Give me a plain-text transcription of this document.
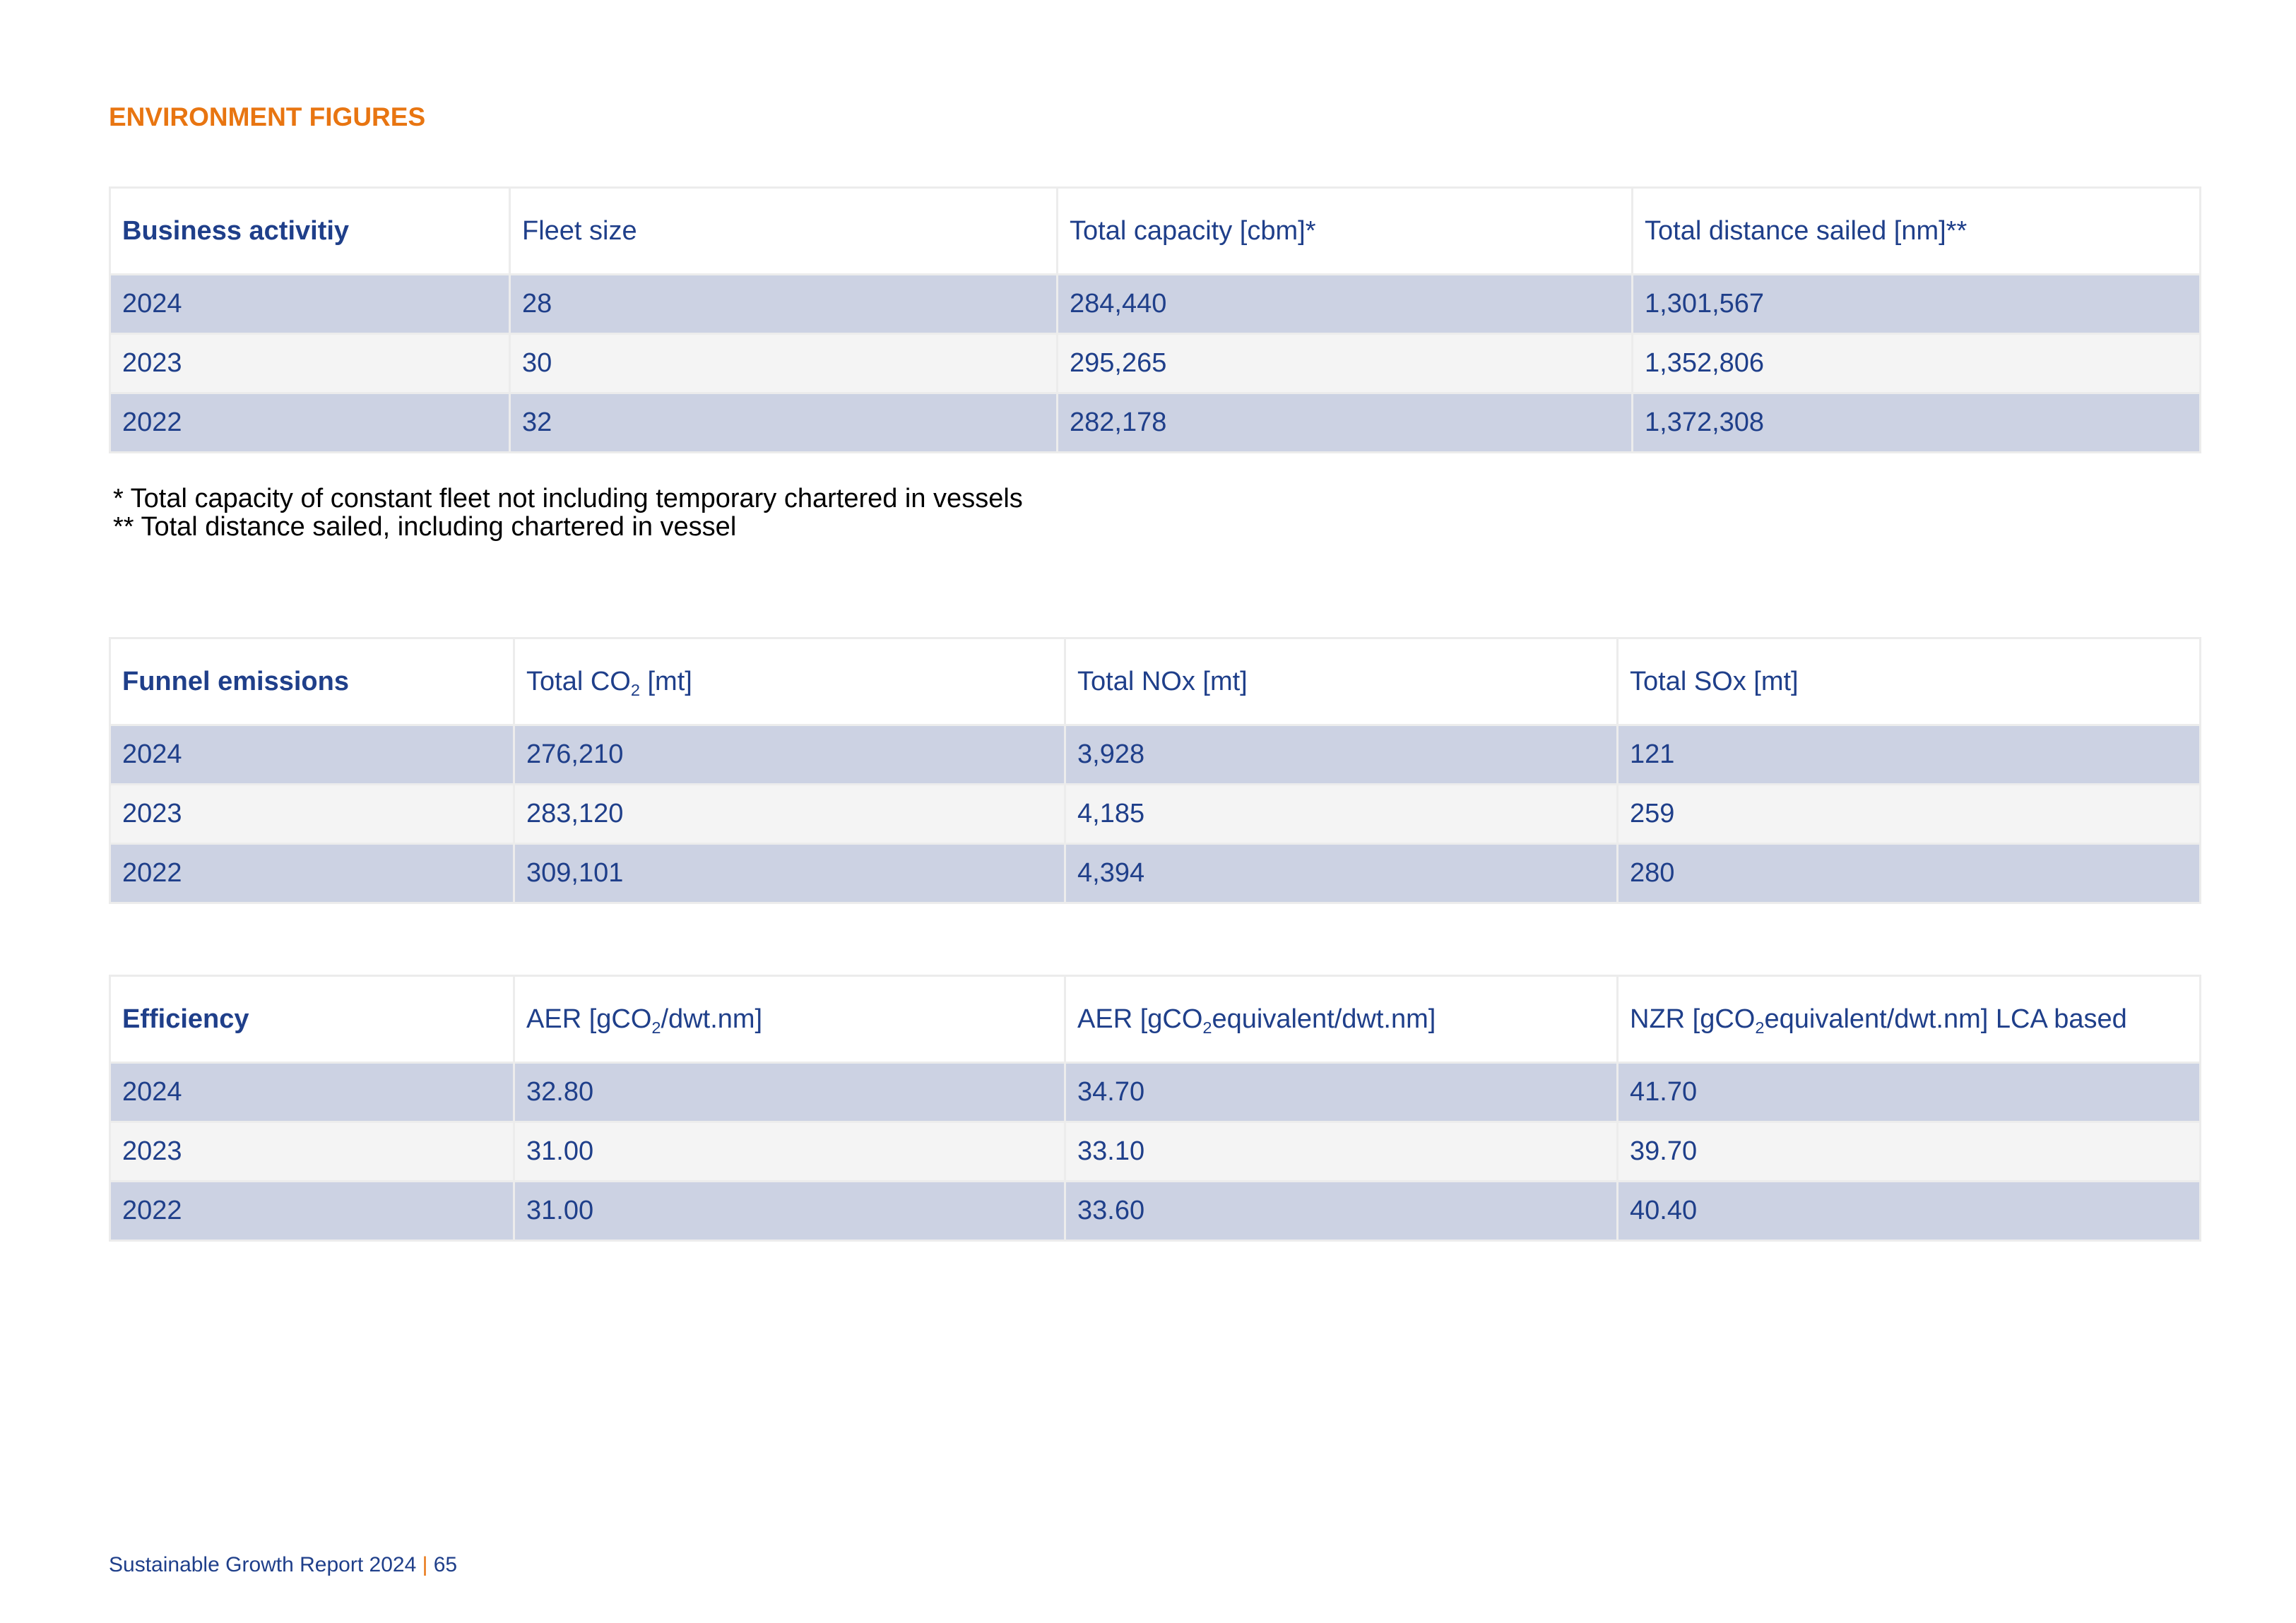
ENVIRONMENT FIGURES
Business activitiy	Fleet size	Total capacity [cbm]*	Total distance sailed [nm]**
2024	28	284,440	1,301,567
2023	30	295,265	1,352,806
2022	32	282,178	1,372,308

* Total capacity of constant fleet not including temporary chartered in vessels

** Total distance sailed, including chartered in vessel

Funnel emissions	Total $CO_2$ [mt]	Total NOx [mt]	Total SOx [mt]
2024	276,210	3,928	121
2023	283,120	4,185	259
2022	309,101	4,394	280
Efficiency	AER [gCO$_2$/dwt.nm]	AER [gCO$_2$equivalent/dwt.nm]	NZR [gCO$_2$equivalent/dwt.nm] LCA based
2024	32.80	34.70	41.70
2023	31.00	33.10	39.70
2022	31.00	33.60	40.40
Sustainable Growth Report 2024 | 65
